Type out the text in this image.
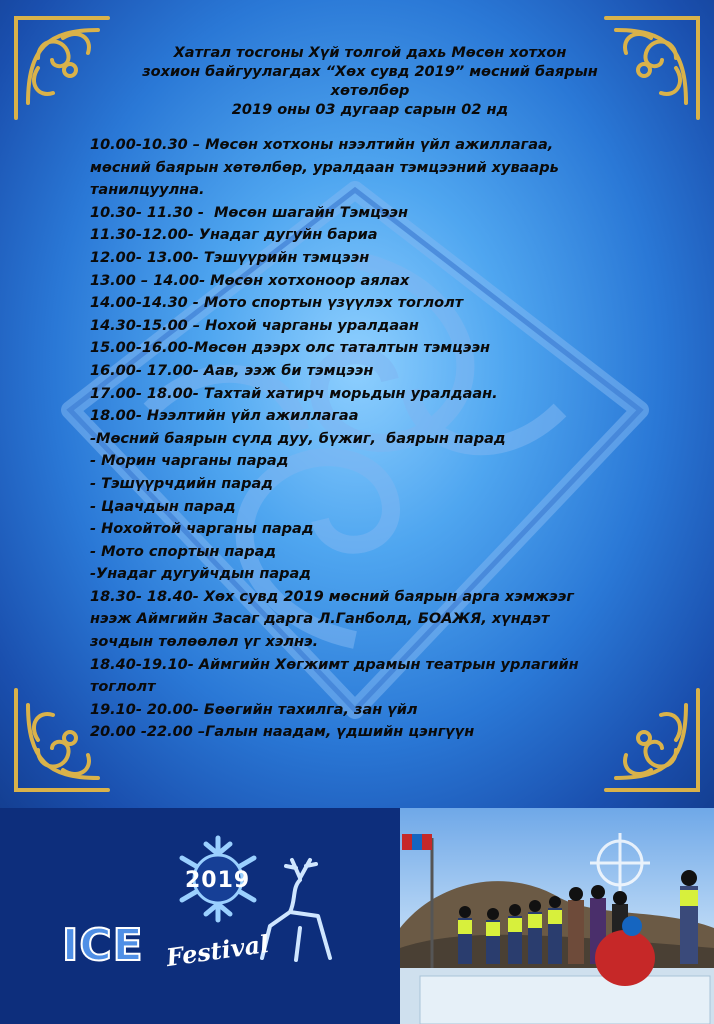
Хатгал тосгоны Хүй толгой дахь Мөсөн хотхон
зохион байгуулагдах “Хөх сувд 2019” мөсний баярын
хөтөлбөр
2019 оны 03 дугаар сарын 02 нд
10.00-10.30 – Мөсөн хотхоны нээлтийн үйл ажиллагаа,
мөсний баярын хөтөлбөр, уралдаан тэмцээний хуваарь
танилцуулна.
10.30- 11.30 -  Мөсөн шагайн Тэмцээн
11.30-12.00- Унадаг дугуйн бариа
12.00- 13.00- Тэшүүрийн тэмцээн
13.00 – 14.00- Мөсөн хотхоноор аялах
14.00-14.30 - Мото спортын үзүүлэх тоглолт
14.30-15.00 – Нохой чарганы уралдаан
15.00-16.00-Мөсөн дээрх олс таталтын тэмцээн
16.00- 17.00- Аав, ээж би тэмцээн
17.00- 18.00- Тахтай хатирч морьдын уралдаан.
18.00- Нээлтийн үйл ажиллагаа
-Мөсний баярын сүлд дуу, бүжиг,  баярын парад
- Морин чарганы парад
- Тэшүүрчдийн парад
- Цаачдын парад
- Нохойтой чарганы парад
- Мото спортын парад
-Унадаг дугуйчдын парад
18.30- 18.40- Хөх сувд 2019 мөсний баярын арга хэмжээг
нээж Аймгийн Засаг дарга Л.Ганболд, БОАЖЯ, хүндэт
зочдын төлөөлөл үг хэлнэ.
18.40-19.10- Аймгийн Хөгжимт драмын театрын урлагийн
тоглолт
19.10- 20.00- Бөөгийн тахилга, зан үйл
20.00 -22.00 –Галын наадам, үдшийн цэнгүүн
2019
ICE Festival
